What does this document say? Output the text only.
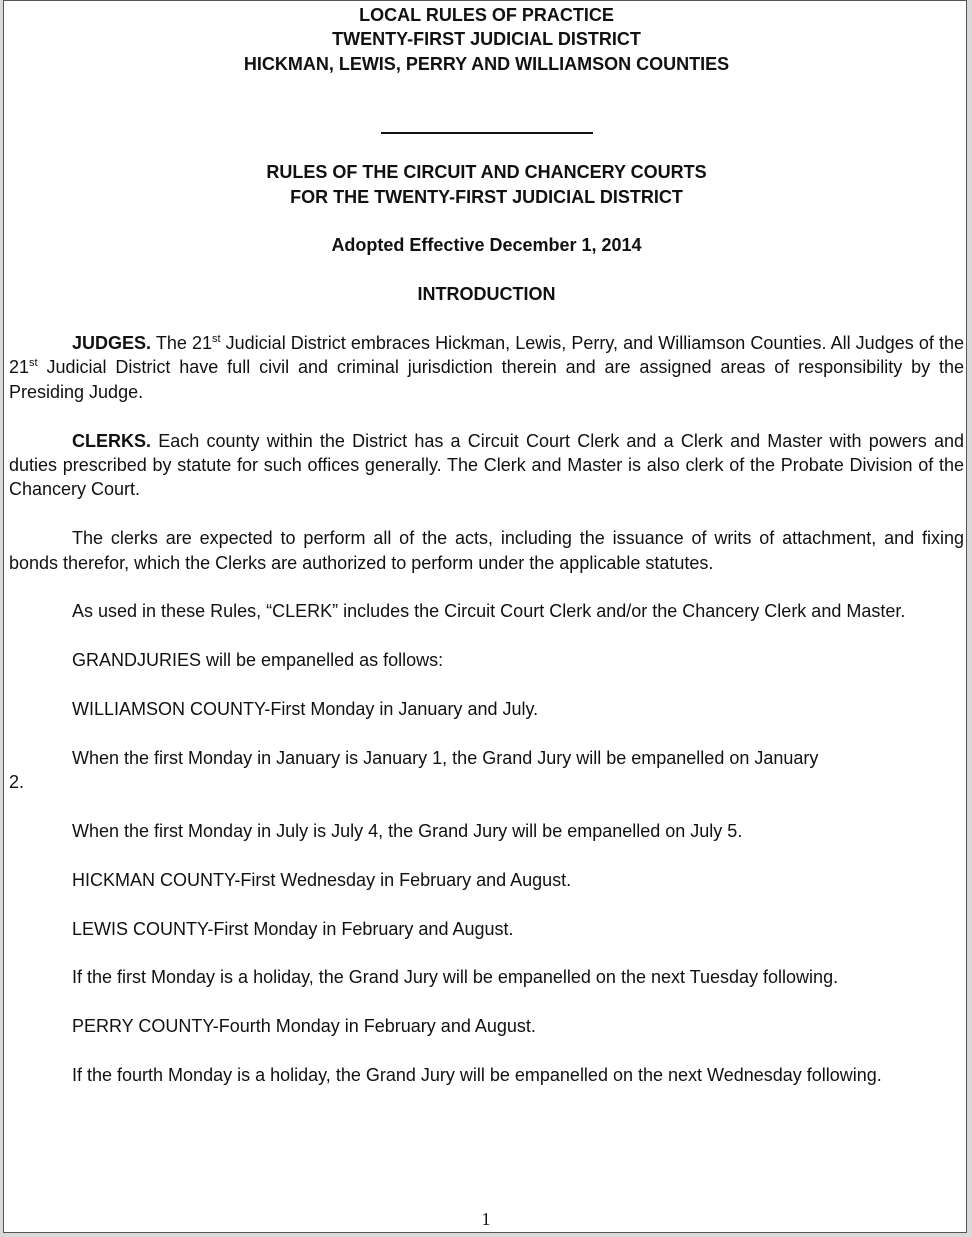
LOCAL RULES OF PRACTICE
TWENTY-FIRST JUDICIAL DISTRICT
HICKMAN, LEWIS, PERRY AND WILLIAMSON COUNTIES
RULES OF THE CIRCUIT AND CHANCERY COURTS
FOR THE TWENTY-FIRST JUDICIAL DISTRICT
Adopted Effective December 1, 2014
INTRODUCTION

JUDGES. The 21st Judicial District embraces Hickman, Lewis, Perry, and Williamson Counties. All Judges of the 21st Judicial District have full civil and criminal jurisdiction therein and are assigned areas of responsibility by the Presiding Judge.

CLERKS. Each county within the District has a Circuit Court Clerk and a Clerk and Master with powers and duties prescribed by statute for such offices generally. The Clerk and Master is also clerk of the Probate Division of the Chancery Court.

The clerks are expected to perform all of the acts, including the issuance of writs of attachment, and fixing bonds therefor, which the Clerks are authorized to perform under the applicable statutes.

As used in these Rules, “CLERK” includes the Circuit Court Clerk and/or the Chancery Clerk and Master.

GRANDJURIES will be empanelled as follows:

WILLIAMSON COUNTY-First Monday in January and July.

When the first Monday in January is January 1, the Grand Jury will be empanelled on January
2.

When the first Monday in July is July 4, the Grand Jury will be empanelled on July 5.

HICKMAN COUNTY-First Wednesday in February and August.

LEWIS COUNTY-First Monday in February and August.

If the first Monday is a holiday, the Grand Jury will be empanelled on the next Tuesday following.

PERRY COUNTY-Fourth Monday in February and August.

If the fourth Monday is a holiday, the Grand Jury will be empanelled on the next Wednesday following.

1
